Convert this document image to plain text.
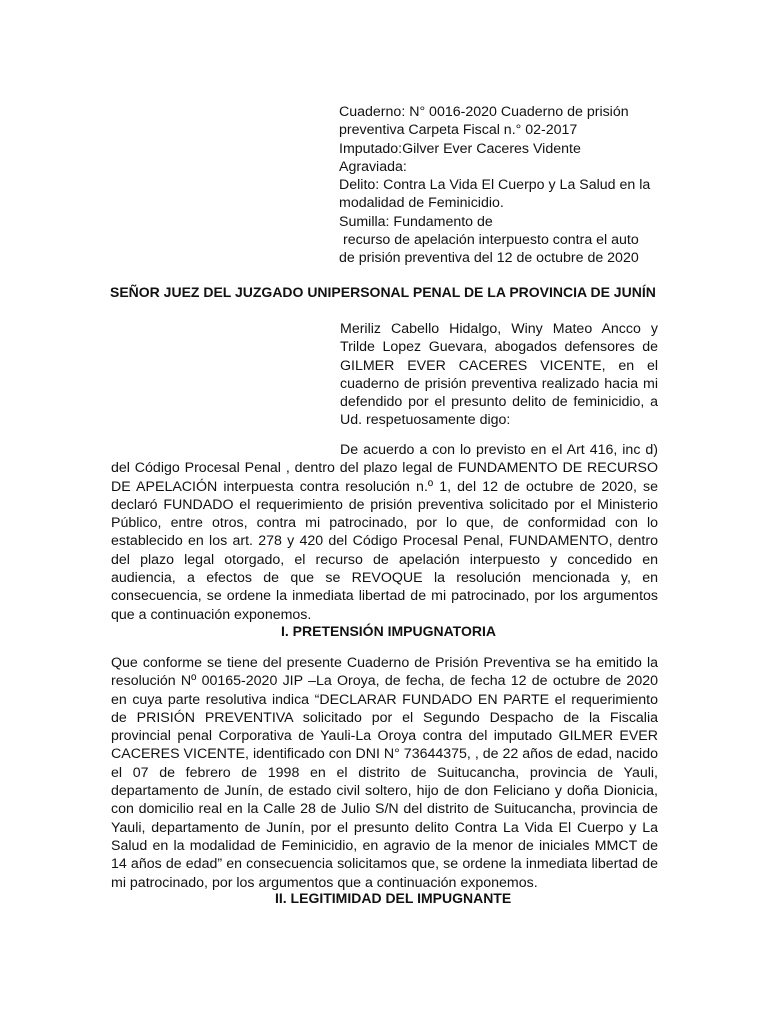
Cuaderno: N° 0016-2020 Cuaderno de prisión
preventiva Carpeta Fiscal n.° 02-2017
Imputado:Gilver Ever Caceres Vidente
Agraviada:
Delito: Contra La Vida El Cuerpo y La Salud en la
modalidad de Feminicidio.
Sumilla: Fundamento de
recurso de apelación interpuesto contra el auto
de prisión preventiva del 12 de octubre de 2020
SEÑOR JUEZ DEL JUZGADO UNIPERSONAL PENAL DE LA PROVINCIA DE JUNÍN
Meriliz Cabello Hidalgo, Winy Mateo Ancco y Trilde Lopez Guevara, abogados defensores de GILMER EVER CACERES VICENTE, en el cuaderno de prisión preventiva realizado hacia mi defendido por el presunto delito de feminicidio, a Ud. respetuosamente digo:
De acuerdo a con lo previsto en el Art 416, inc d)
del Código Procesal Penal , dentro del plazo legal de FUNDAMENTO DE RECURSO DE APELACIÓN interpuesta contra resolución n.º 1, del 12 de octubre de 2020, se declaró FUNDADO el requerimiento de prisión preventiva solicitado por el Ministerio Público, entre otros, contra mi patrocinado, por lo que, de conformidad con lo establecido en los art. 278 y 420 del Código Procesal Penal, FUNDAMENTO, dentro del plazo legal otorgado, el recurso de apelación interpuesto y concedido en audiencia, a efectos de que se REVOQUE la resolución mencionada y, en consecuencia, se ordene la inmediata libertad de mi patrocinado, por los argumentos que a continuación exponemos.
I. PRETENSIÓN IMPUGNATORIA
Que conforme se tiene del presente Cuaderno de Prisión Preventiva se ha emitido la resolución Nº 00165-2020 JIP –La Oroya, de fecha, de fecha 12 de octubre de 2020 en cuya parte resolutiva indica “DECLARAR FUNDADO EN PARTE el requerimiento de PRISIÓN PREVENTIVA solicitado por el Segundo Despacho de la Fiscalia provincial penal Corporativa de Yauli-La Oroya contra del imputado GILMER EVER CACERES VICENTE, identificado con DNI N° 73644375, , de 22 años de edad, nacido el 07 de febrero de 1998 en el distrito de Suitucancha, provincia de Yauli, departamento de Junín, de estado civil soltero, hijo de don Feliciano y doña Dionicia, con domicilio real en la Calle 28 de Julio S/N del distrito de Suitucancha, provincia de Yauli, departamento de Junín, por el presunto delito Contra La Vida El Cuerpo y La Salud en la modalidad de Feminicidio, en agravio de la menor de iniciales MMCT de 14 años de edad” en consecuencia solicitamos que, se ordene la inmediata libertad de mi patrocinado, por los argumentos que a continuación exponemos.
II. LEGITIMIDAD DEL IMPUGNANTE
